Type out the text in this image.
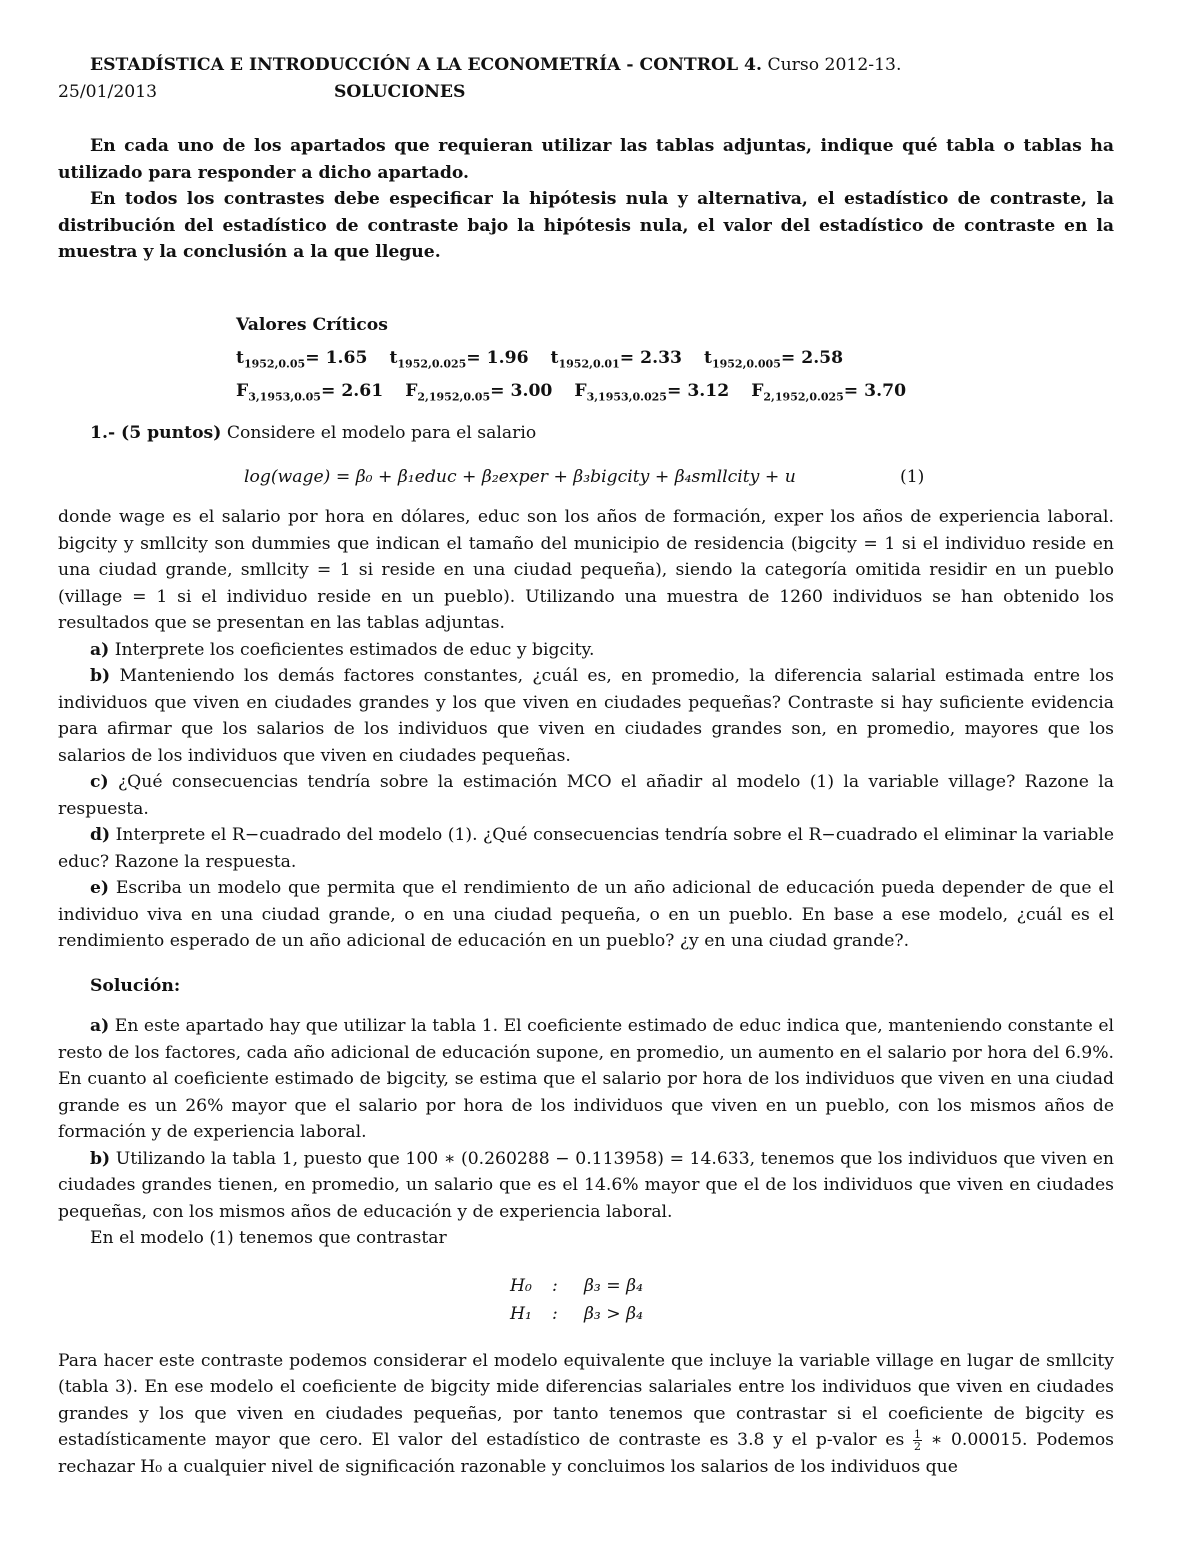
ESTADÍSTICA E INTRODUCCIÓN A LA ECONOMETRÍA - CONTROL 4. Curso 2012-13.
25/01/2013	SOLUCIONES

En cada uno de los apartados que requieran utilizar las tablas adjuntas, indique qué tabla o tablas ha utilizado para responder a dicho apartado.

En todos los contrastes debe especificar la hipótesis nula y alternativa, el estadístico de contraste, la distribución del estadístico de contraste bajo la hipótesis nula, el valor del estadístico de contraste en la muestra y la conclusión a la que llegue.

Valores Críticos
$t_{1952,0.05}= 1.65$ $t_{1952,0.025}= 1.96$ $t_{1952,0.01}= 2.33$ $t_{1952,0.005}= 2.58$
$F_{3,1953,0.05}= 2.61$ $F_{2,1952,0.05}= 3.00$ $F_{3,1953,0.025}= 3.12$ $F_{2,1952,0.025}= 3.70$
1.- (5 puntos) Considere el modelo para el salario
log(wage) = β₀ + β₁educ + β₂exper + β₃bigcity + β₄smllcity + u	(1)

donde wage es el salario por hora en dólares, educ son los años de formación, exper los años de experiencia laboral. bigcity y smllcity son dummies que indican el tamaño del municipio de residencia (bigcity = 1 si el individuo reside en una ciudad grande, smllcity = 1 si reside en una ciudad pequeña), siendo la categoría omitida residir en un pueblo (village = 1 si el individuo reside en un pueblo). Utilizando una muestra de 1260 individuos se han obtenido los resultados que se presentan en las tablas adjuntas.

a) Interprete los coeficientes estimados de educ y bigcity.

b) Manteniendo los demás factores constantes, ¿cuál es, en promedio, la diferencia salarial estimada entre los individuos que viven en ciudades grandes y los que viven en ciudades pequeñas? Contraste si hay suficiente evidencia para afirmar que los salarios de los individuos que viven en ciudades grandes son, en promedio, mayores que los salarios de los individuos que viven en ciudades pequeñas.

c) ¿Qué consecuencias tendría sobre la estimación MCO el añadir al modelo (1) la variable village? Razone la respuesta.

d) Interprete el R−cuadrado del modelo (1). ¿Qué consecuencias tendría sobre el R−cuadrado el eliminar la variable educ? Razone la respuesta.

e) Escriba un modelo que permita que el rendimiento de un año adicional de educación pueda depender de que el individuo viva en una ciudad grande, o en una ciudad pequeña, o en un pueblo. En base a ese modelo, ¿cuál es el rendimiento esperado de un año adicional de educación en un pueblo? ¿y en una ciudad grande?.

Solución:

a) En este apartado hay que utilizar la tabla 1. El coeficiente estimado de educ indica que, manteniendo constante el resto de los factores, cada año adicional de educación supone, en promedio, un aumento en el salario por hora del 6.9%. En cuanto al coeficiente estimado de bigcity, se estima que el salario por hora de los individuos que viven en una ciudad grande es un 26% mayor que el salario por hora de los individuos que viven en un pueblo, con los mismos años de formación y de experiencia laboral.

b) Utilizando la tabla 1, puesto que 100 ∗ (0.260288 − 0.113958) = 14.633, tenemos que los individuos que viven en ciudades grandes tienen, en promedio, un salario que es el 14.6% mayor que el de los individuos que viven en ciudades pequeñas, con los mismos años de educación y de experiencia laboral.

En el modelo (1) tenemos que contrastar

H₀ : β₃ = β₄
H₁ : β₃ > β₄

Para hacer este contraste podemos considerar el modelo equivalente que incluye la variable village en lugar de smllcity (tabla 3). En ese modelo el coeficiente de bigcity mide diferencias salariales entre los individuos que viven en ciudades grandes y los que viven en ciudades pequeñas, por tanto tenemos que contrastar si el coeficiente de bigcity es estadísticamente mayor que cero. El valor del estadístico de contraste es 3.8 y el p-valor es $\frac{1}{2}$ ∗ 0.00015. Podemos rechazar H₀ a cualquier nivel de significación razonable y concluimos los salarios de los individuos que
